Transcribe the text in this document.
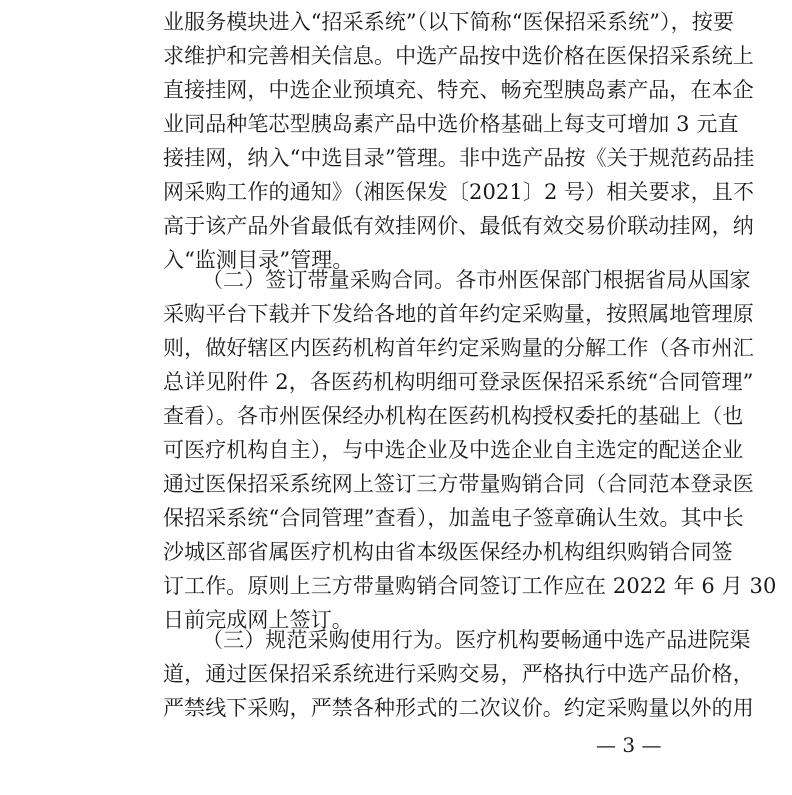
业服务模块进入“招采系统”（以下简称“医保招采系统”），按要
求维护和完善相关信息。中选产品按中选价格在医保招采系统上
直接挂网，中选企业预填充、特充、畅充型胰岛素产品，在本企
业同品种笔芯型胰岛素产品中选价格基础上每支可增加 3 元直
接挂网，纳入“中选目录”管理。非中选产品按《关于规范药品挂
网采购工作的通知》（湘医保发〔2021〕2 号）相关要求，且不
高于该产品外省最低有效挂网价、最低有效交易价联动挂网，纳
入“监测目录”管理。
（二）签订带量采购合同。各市州医保部门根据省局从国家
采购平台下载并下发给各地的首年约定采购量，按照属地管理原
则，做好辖区内医药机构首年约定采购量的分解工作（各市州汇
总详见附件 2，各医药机构明细可登录医保招采系统“合同管理”
查看）。各市州医保经办机构在医药机构授权委托的基础上（也
可医疗机构自主），与中选企业及中选企业自主选定的配送企业
通过医保招采系统网上签订三方带量购销合同（合同范本登录医
保招采系统“合同管理”查看），加盖电子签章确认生效。其中长
沙城区部省属医疗机构由省本级医保经办机构组织购销合同签
订工作。原则上三方带量购销合同签订工作应在 2022 年 6 月 30
日前完成网上签订。
（三）规范采购使用行为。医疗机构要畅通中选产品进院渠
道，通过医保招采系统进行采购交易，严格执行中选产品价格，
严禁线下采购，严禁各种形式的二次议价。约定采购量以外的用
— 3 —
